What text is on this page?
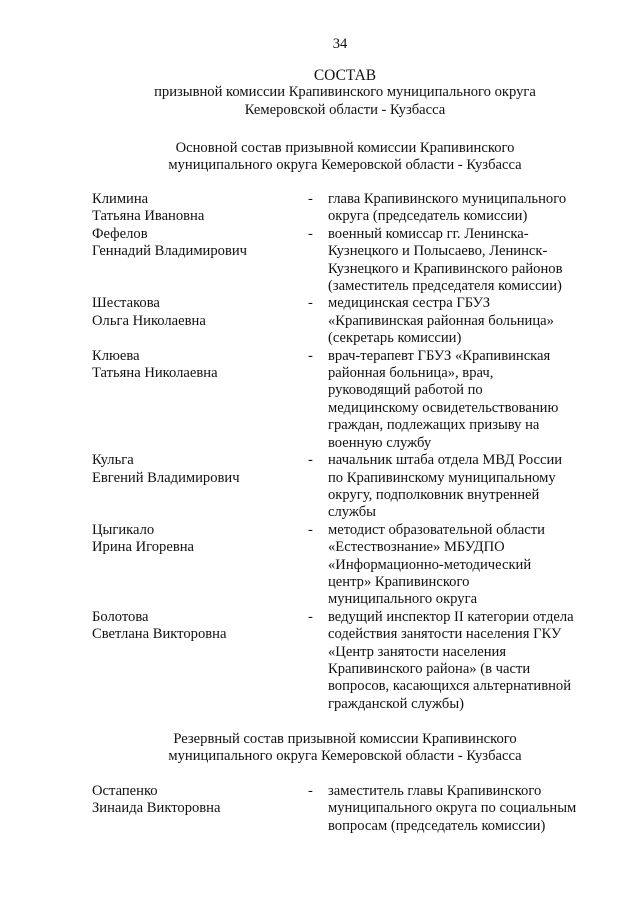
34
СОСТАВ
призывной комиссии Крапивинского муниципального округа
Кемеровской области - Кузбасса
Основной состав призывной комиссии Крапивинского
муниципального округа Кемеровской области - Кузбасса
Климина
Татьяна Ивановна
-	глава Крапивинского муниципального
округа (председатель комиссии)
Фефелов
Геннадий Владимирович
-	военный комиссар гг. Ленинска-
Кузнецкого и Полысаево, Ленинск-
Кузнецкого и Крапивинского районов
(заместитель председателя комиссии)
Шестакова
Ольга Николаевна
-	медицинская сестра ГБУЗ
«Крапивинская районная больница»
(секретарь комиссии)
Клюева
Татьяна Николаевна
-	врач-терапевт ГБУЗ «Крапивинская
районная больница», врач,
руководящий работой по
медицинскому освидетельствованию
граждан, подлежащих призыву на
военную службу
Кульга
Евгений Владимирович
-	начальник штаба отдела МВД России
по Крапивинскому муниципальному
округу, подполковник внутренней
службы
Цыгикало
Ирина Игоревна
-	методист образовательной области
«Естествознание» МБУДПО
«Информационно-методический
центр» Крапивинского
муниципального округа
Болотова
Светлана Викторовна
-	ведущий инспектор II категории отдела
содействия занятости населения ГКУ
«Центр занятости населения
Крапивинского района» (в части
вопросов, касающихся альтернативной
гражданской службы)
Резервный состав призывной комиссии Крапивинского
муниципального округа Кемеровской области - Кузбасса
Остапенко
Зинаида Викторовна
-	заместитель главы Крапивинского
муниципального округа по социальным
вопросам (председатель комиссии)
